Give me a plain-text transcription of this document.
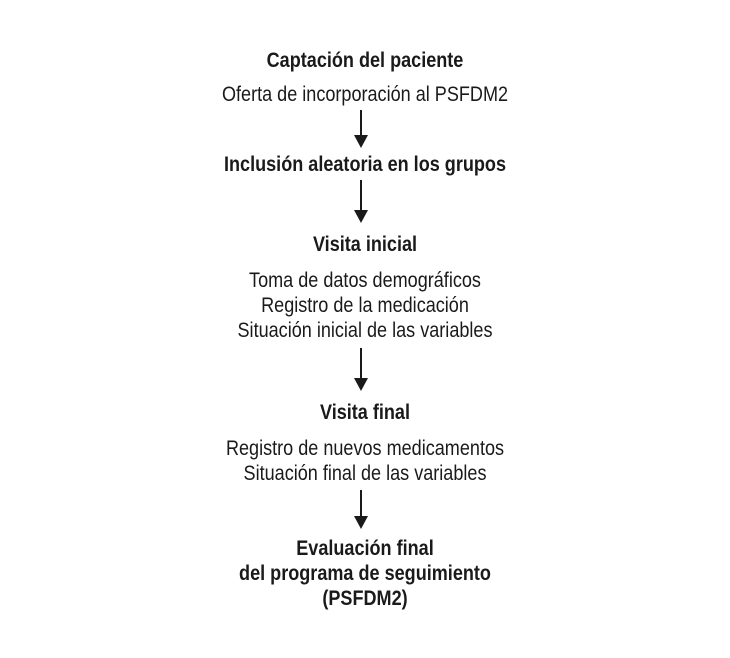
Captación del paciente
Oferta de incorporación al PSFDM2
Inclusión aleatoria en los grupos
Visita inicial
Toma de datos demográficos
Registro de la medicación
Situación inicial de las variables
Visita final
Registro de nuevos medicamentos
Situación final de las variables
Evaluación final
del programa de seguimiento
(PSFDM2)
